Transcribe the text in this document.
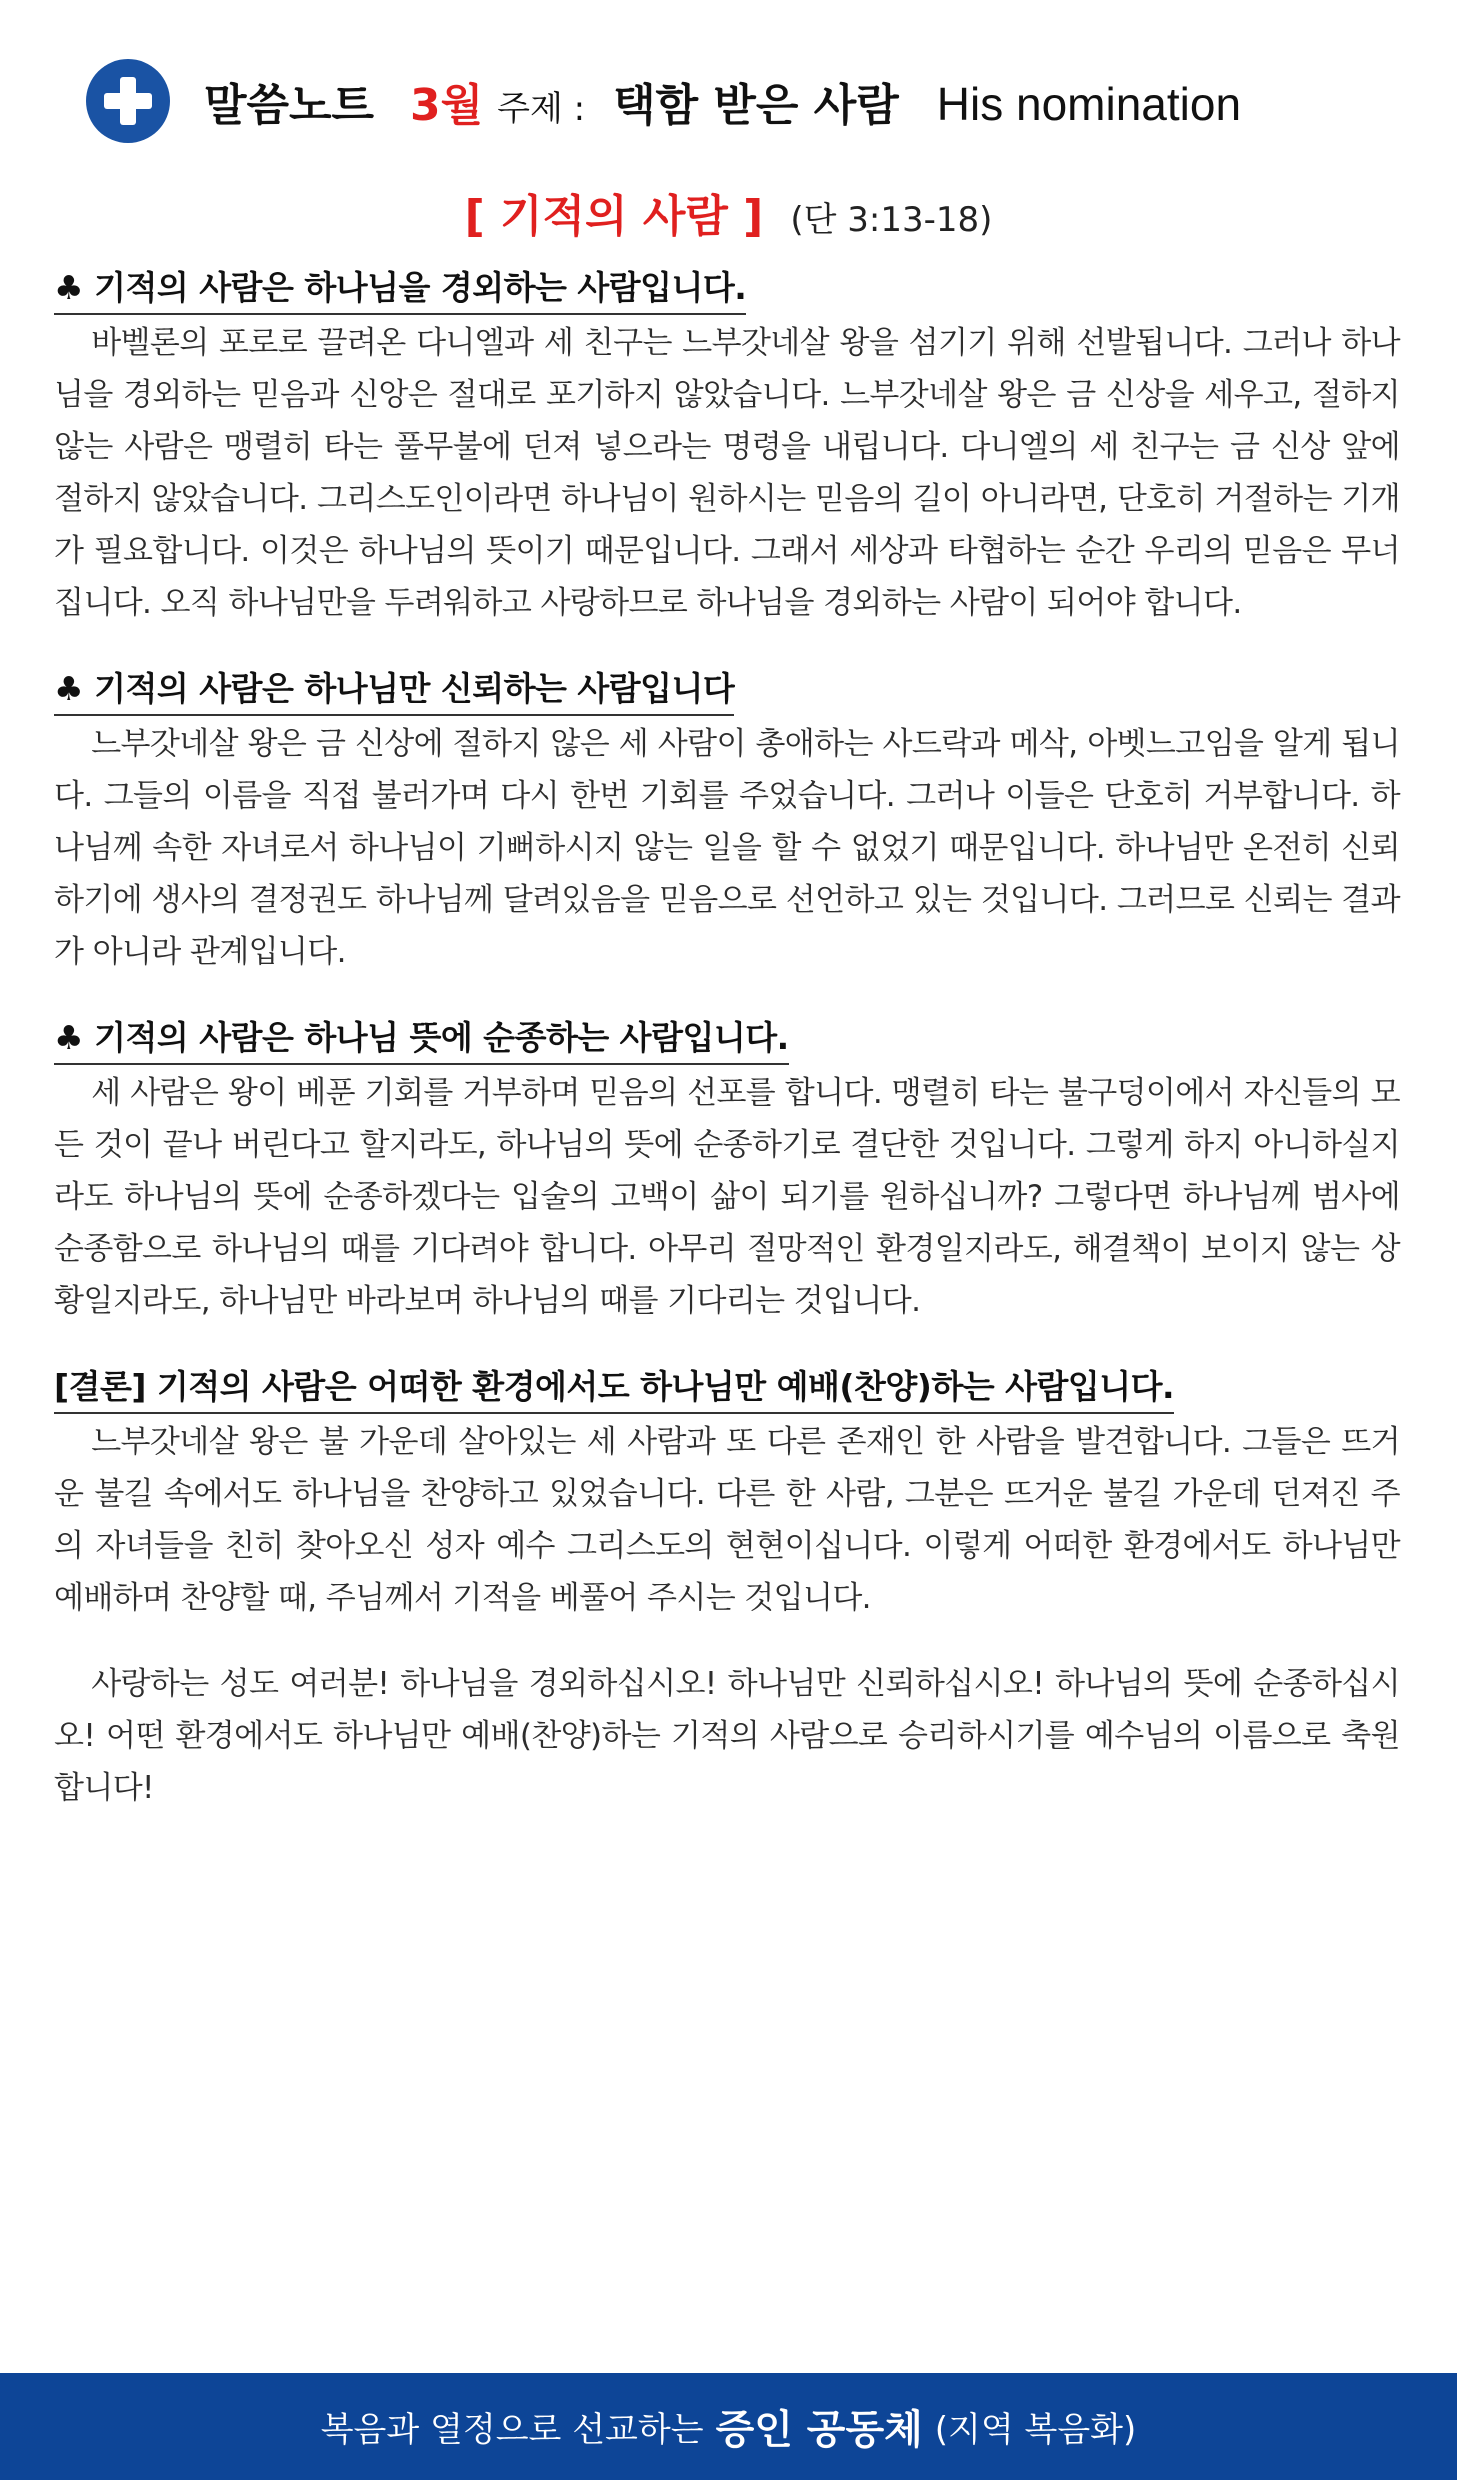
말씀노트 3월 주제 : 택함 받은 사람 His nomination
[ 기적의 사람 ] (단 3:13-18)
♣ 기적의 사람은 하나님을 경외하는 사람입니다.

바벨론의 포로로 끌려온 다니엘과 세 친구는 느부갓네살 왕을 섬기기 위해 선발됩니다. 그러나 하나님을 경외하는 믿음과 신앙은 절대로 포기하지 않았습니다. 느부갓네살 왕은 금 신상을 세우고, 절하지 않는 사람은 맹렬히 타는 풀무불에 던져 넣으라는 명령을 내립니다. 다니엘의 세 친구는 금 신상 앞에 절하지 않았습니다. 그리스도인이라면 하나님이 원하시는 믿음의 길이 아니라면, 단호히 거절하는 기개가 필요합니다. 이것은 하나님의 뜻이기 때문입니다. 그래서 세상과 타협하는 순간 우리의 믿음은 무너집니다. 오직 하나님만을 두려워하고 사랑하므로 하나님을 경외하는 사람이 되어야 합니다.

♣ 기적의 사람은 하나님만 신뢰하는 사람입니다

느부갓네살 왕은 금 신상에 절하지 않은 세 사람이 총애하는 사드락과 메삭, 아벳느고임을 알게 됩니다. 그들의 이름을 직접 불러가며 다시 한번 기회를 주었습니다. 그러나 이들은 단호히 거부합니다. 하나님께 속한 자녀로서 하나님이 기뻐하시지 않는 일을 할 수 없었기 때문입니다. 하나님만 온전히 신뢰하기에 생사의 결정권도 하나님께 달려있음을 믿음으로 선언하고 있는 것입니다. 그러므로 신뢰는 결과가 아니라 관계입니다.

♣ 기적의 사람은 하나님 뜻에 순종하는 사람입니다.

세 사람은 왕이 베푼 기회를 거부하며 믿음의 선포를 합니다. 맹렬히 타는 불구덩이에서 자신들의 모든 것이 끝나 버린다고 할지라도, 하나님의 뜻에 순종하기로 결단한 것입니다. 그렇게 하지 아니하실지라도 하나님의 뜻에 순종하겠다는 입술의 고백이 삶이 되기를 원하십니까? 그렇다면 하나님께 범사에 순종함으로 하나님의 때를 기다려야 합니다. 아무리 절망적인 환경일지라도, 해결책이 보이지 않는 상황일지라도, 하나님만 바라보며 하나님의 때를 기다리는 것입니다.

[결론] 기적의 사람은 어떠한 환경에서도 하나님만 예배(찬양)하는 사람입니다.

느부갓네살 왕은 불 가운데 살아있는 세 사람과 또 다른 존재인 한 사람을 발견합니다. 그들은 뜨거운 불길 속에서도 하나님을 찬양하고 있었습니다. 다른 한 사람, 그분은 뜨거운 불길 가운데 던져진 주의 자녀들을 친히 찾아오신 성자 예수 그리스도의 현현이십니다. 이렇게 어떠한 환경에서도 하나님만 예배하며 찬양할 때, 주님께서 기적을 베풀어 주시는 것입니다.

사랑하는 성도 여러분! 하나님을 경외하십시오! 하나님만 신뢰하십시오! 하나님의 뜻에 순종하십시오! 어떤 환경에서도 하나님만 예배(찬양)하는 기적의 사람으로 승리하시기를 예수님의 이름으로 축원합니다!

복음과 열정으로 선교하는 증인 공동체 (지역 복음화)
